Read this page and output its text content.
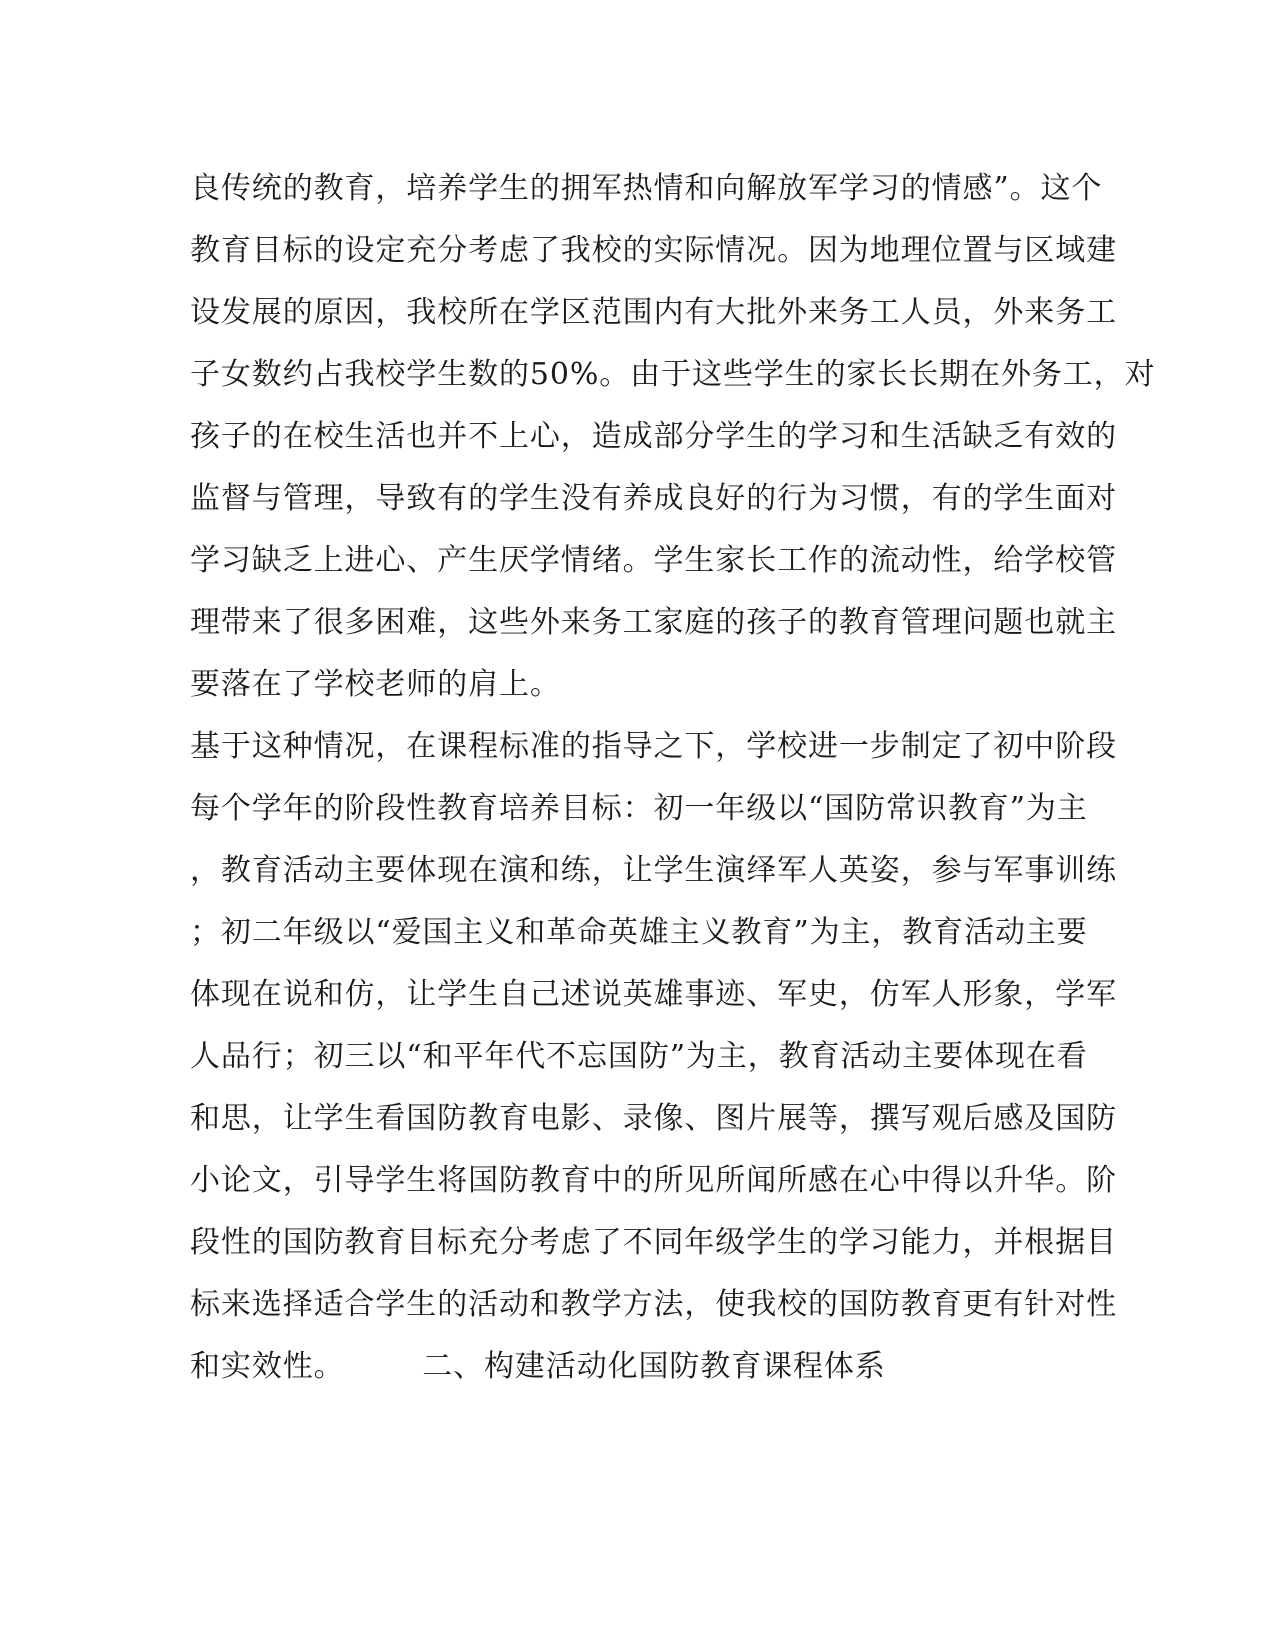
良传统的教育，培养学生的拥军热情和向解放军学习的情感”。这个
教育目标的设定充分考虑了我校的实际情况。因为地理位置与区域建
设发展的原因，我校所在学区范围内有大批外来务工人员，外来务工
子女数约占我校学生数的50%。由于这些学生的家长长期在外务工，对
孩子的在校生活也并不上心，造成部分学生的学习和生活缺乏有效的
监督与管理，导致有的学生没有养成良好的行为习惯，有的学生面对
学习缺乏上进心、产生厌学情绪。学生家长工作的流动性，给学校管
理带来了很多困难，这些外来务工家庭的孩子的教育管理问题也就主
要落在了学校老师的肩上。
基于这种情况，在课程标准的指导之下，学校进一步制定了初中阶段
每个学年的阶段性教育培养目标：初一年级以“国防常识教育”为主
，教育活动主要体现在演和练，让学生演绎军人英姿，参与军事训练
；初二年级以“爱国主义和革命英雄主义教育”为主，教育活动主要
体现在说和仿，让学生自己述说英雄事迹、军史，仿军人形象，学军
人品行；初三以“和平年代不忘国防”为主，教育活动主要体现在看
和思，让学生看国防教育电影、录像、图片展等，撰写观后感及国防
小论文，引导学生将国防教育中的所见所闻所感在心中得以升华。阶
段性的国防教育目标充分考虑了不同年级学生的学习能力，并根据目
标来选择适合学生的活动和教学方法，使我校的国防教育更有针对性
和实效性。　　　二、构建活动化国防教育课程体系
